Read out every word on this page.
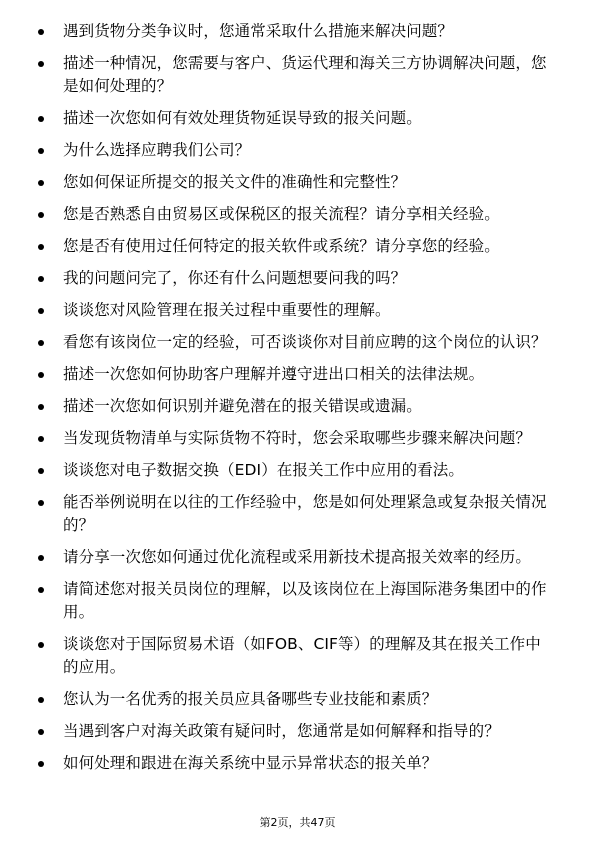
遇到货物分类争议时，您通常采取什么措施来解决问题？
描述一种情况，您需要与客户、货运代理和海关三方协调解决问题，您是如何处理的？
描述一次您如何有效处理货物延误导致的报关问题。
为什么选择应聘我们公司？
您如何保证所提交的报关文件的准确性和完整性？
您是否熟悉自由贸易区或保税区的报关流程？请分享相关经验。
您是否有使用过任何特定的报关软件或系统？请分享您的经验。
我的问题问完了，你还有什么问题想要问我的吗？
谈谈您对风险管理在报关过程中重要性的理解。
看您有该岗位一定的经验，可否谈谈你对目前应聘的这个岗位的认识？
描述一次您如何协助客户理解并遵守进出口相关的法律法规。
描述一次您如何识别并避免潜在的报关错误或遗漏。
当发现货物清单与实际货物不符时，您会采取哪些步骤来解决问题？
谈谈您对电子数据交换（EDI）在报关工作中应用的看法。
能否举例说明在以往的工作经验中，您是如何处理紧急或复杂报关情况的？
请分享一次您如何通过优化流程或采用新技术提高报关效率的经历。
请简述您对报关员岗位的理解，以及该岗位在上海国际港务集团中的作用。
谈谈您对于国际贸易术语（如FOB、CIF等）的理解及其在报关工作中的应用。
您认为一名优秀的报关员应具备哪些专业技能和素质？
当遇到客户对海关政策有疑问时，您通常是如何解释和指导的？
如何处理和跟进在海关系统中显示异常状态的报关单？
第2页，共47页
